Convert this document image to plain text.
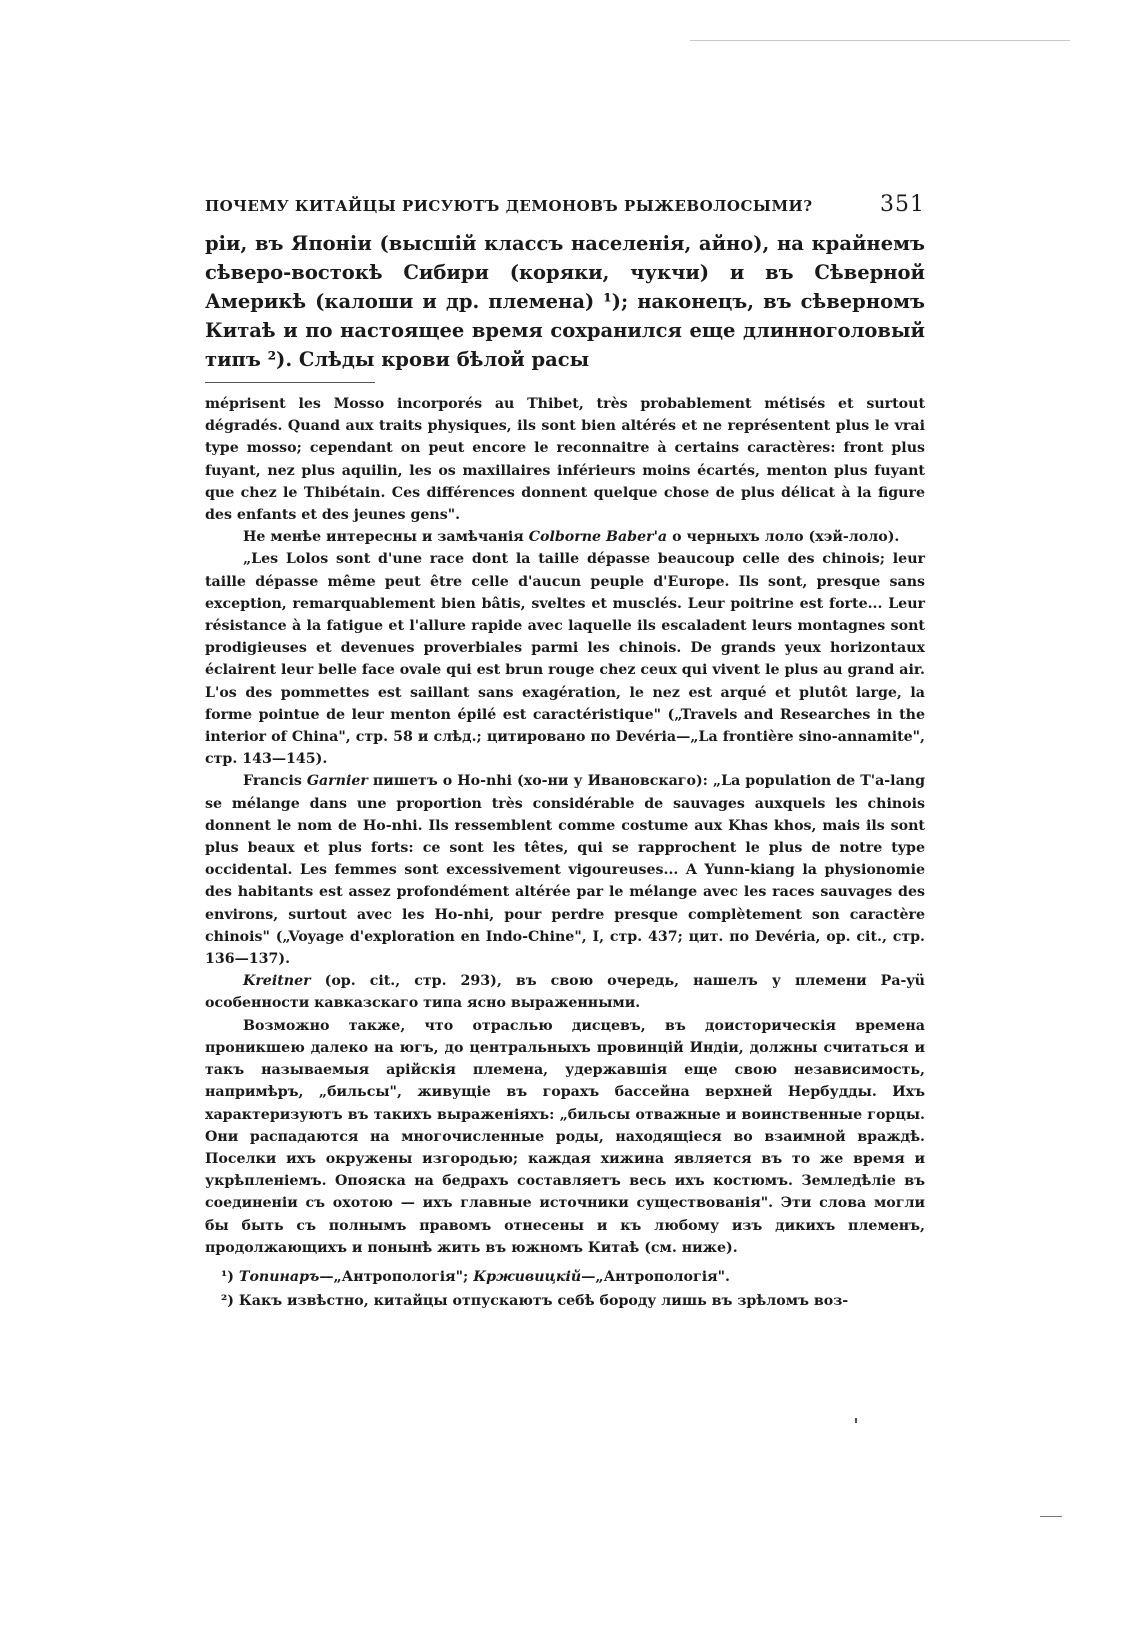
ПОЧЕМУ КИТАЙЦЫ РИСУЮТЪ ДЕМОНОВЪ РЫЖЕВОЛОСЫМИ?	351

рiи, въ Японiи (высшiй классъ населенiя, айно), на крайнемъ сѣверо-востокѣ Сибири (коряки, чукчи) и въ Сѣверной Америкѣ (калоши и др. племена) ¹); наконецъ, въ сѣверномъ Китаѣ и по настоящее время сохранился еще длинноголовый типъ ²). Слѣды крови бѣлой расы

méprisent les Mosso incorporés au Thibet, très probablement métisés et surtout dégradés. Quand aux traits physiques, ils sont bien altérés et ne représentent plus le vrai type mosso; cependant on peut encore le reconnaitre à certains caractères: front plus fuyant, nez plus aquilin, les os maxillaires inférieurs moins écartés, menton plus fuyant que chez le Thibétain. Ces différences donnent quelque chose de plus délicat à la figure des enfants et des jeunes gens".

Не менѣе интересны и замѣчанiя Colborne Baber'a о черныхъ лоло (хэй-лоло).

„Les Lolos sont d'une race dont la taille dépasse beaucoup celle des chinois; leur taille dépasse même peut être celle d'aucun peuple d'Europe. Ils sont, presque sans exception, remarquablement bien bâtis, sveltes et musclés. Leur poitrine est forte... Leur résistance à la fatigue et l'allure rapide avec laquelle ils escaladent leurs montagnes sont prodigieuses et devenues proverbiales parmi les chinois. De grands yeux horizontaux éclairent leur belle face ovale qui est brun rouge chez ceux qui vivent le plus au grand air. L'os des pommettes est saillant sans exagération, le nez est arqué et plutôt large, la forme pointue de leur menton épilé est caractéristique" („Travels and Researches in the interior of China", стр. 58 и слѣд.; цитировано по Devéria—„La frontière sino-annamite", стр. 143—145).

Francis Garnier пишетъ о Ho-nhi (хо-ни у Ивановскаго): „La population de T'a-lang se mélange dans une proportion très considérable de sauvages auxquels les chinois donnent le nom de Ho-nhi. Ils ressemblent comme costume aux Khas khos, mais ils sont plus beaux et plus forts: ce sont les têtes, qui se rapprochent le plus de notre type occidental. Les femmes sont excessivement vigoureuses... A Yunn-kiang la physionomie des habitants est assez profondément altérée par le mélange avec les races sauvages des environs, surtout avec les Ho-nhi, pour perdre presque complètement son caractère chinois" („Voyage d'exploration en Indo-Chine", I, стр. 437; цит. по Devéria, op. cit., стр. 136—137).

Kreitner (op. cit., стр. 293), въ свою очередь, нашелъ у племени Ра-yü особенности кавказскаго типа ясно выраженными.

Возможно также, что отраслью дисцевъ, въ доисторическiя времена проникшею далеко на югъ, до центральныхъ провинцiй Индiи, должны считаться и такъ называемыя арiйскiя племена, удержавшiя еще свою независимость, напримѣръ, „бильсы", живущiе въ горахъ бассейна верхней Нербудды. Ихъ характеризуютъ въ такихъ выраженiяхъ: „бильсы отважные и воинственные горцы. Они распадаются на многочисленные роды, находящiеся во взаимной враждѣ. Поселки ихъ окружены изгородью; каждая хижина является въ то же время и укрѣпленiемъ. Опояска на бедрахъ составляетъ весь ихъ костюмъ. Земледѣлiе въ соединенiи съ охотою — ихъ главные источники существованiя". Эти слова могли бы быть съ полнымъ правомъ отнесены и къ любому изъ дикихъ племенъ, продолжающихъ и понынѣ жить въ южномъ Китаѣ (см. ниже).

¹) Топинаръ—„Антропологiя"; Крживицкiй—„Антропологiя".

²) Какъ извѣстно, китайцы отпускаютъ себѣ бороду лишь въ зрѣломъ воз-
